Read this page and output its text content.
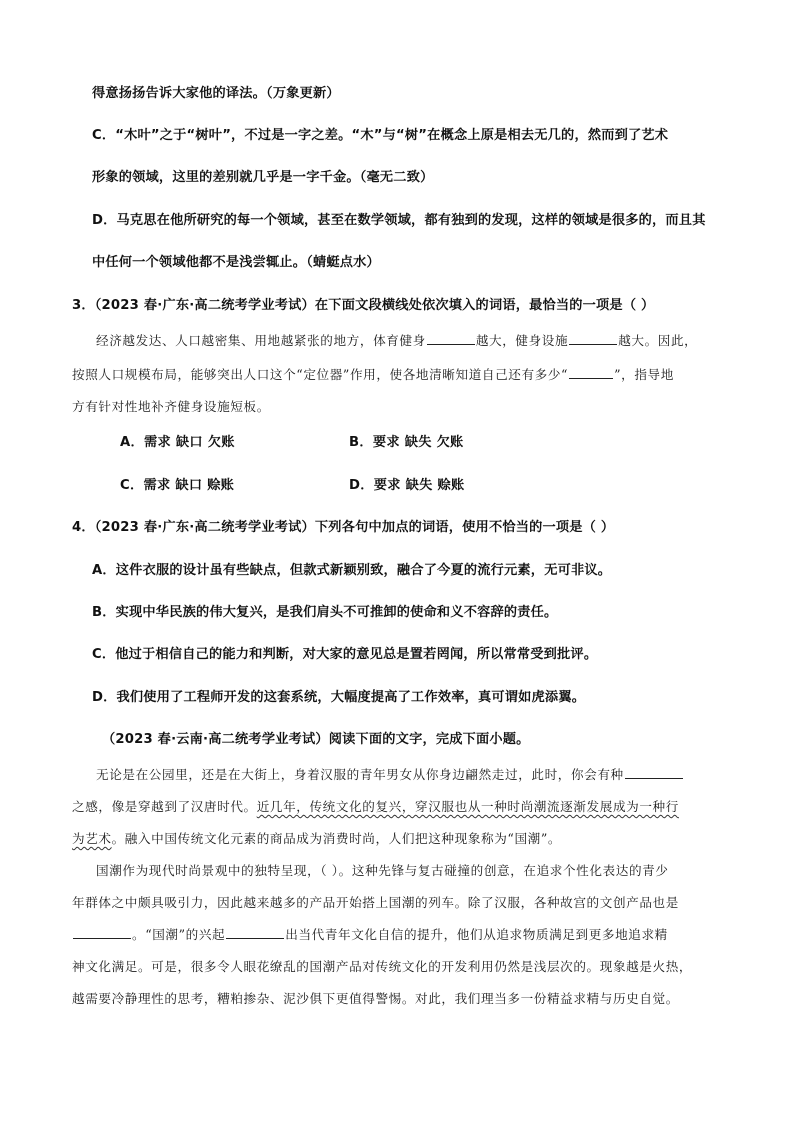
得意扬扬告诉大家他的译法。（万象更新）
C．“木叶”之于“树叶”，不过是一字之差。“木”与“树”在概念上原是相去无几的，然而到了艺术
形象的领域，这里的差别就几乎是一字千金。（毫无二致）
D．马克思在他所研究的每一个领域，甚至在数学领域，都有独到的发现，这样的领域是很多的，而且其
中任何一个领域他都不是浅尝辄止。（蜻蜓点水）
3．（2023 春·广东·高二统考学业考试）在下面文段横线处依次填入的词语，最恰当的一项是（ ）
经济越发达、人口越密集、用地越紧张的地方，体育健身	越大，健身设施	越大。因此，
按照人口规模布局，能够突出人口这个“定位器”作用，使各地清晰知道自己还有多少“	”，指导地
方有针对性地补齐健身设施短板。
A．需求 缺口 欠账	B．要求 缺失 欠账
C．需求 缺口 赊账	D．要求 缺失 赊账
4．（2023 春·广东·高二统考学业考试）下列各句中加点的词语，使用不恰当的一项是（ ）
A．这件衣服的设计虽有些缺点，但款式新颖别致，融合了今夏的流行元素，无可非议。
B．实现中华民族的伟大复兴，是我们肩头不可推卸的使命和义不容辞的责任。
C．他过于相信自己的能力和判断，对大家的意见总是置若罔闻，所以常常受到批评。
D．我们使用了工程师开发的这套系统，大幅度提高了工作效率，真可谓如虎添翼。
（2023 春·云南·高二统考学业考试）阅读下面的文字，完成下面小题。
无论是在公园里，还是在大街上，身着汉服的青年男女从你身边翩然走过，此时，你会有种
之感，像是穿越到了汉唐时代。近几年，传统文化的复兴，穿汉服也从一种时尚潮流逐渐发展成为一种行
为艺术。融入中国传统文化元素的商品成为消费时尚，人们把这种现象称为“国潮”。
国潮作为现代时尚景观中的独特呈现，（ ）。这种先锋与复古碰撞的创意，在追求个性化表达的青少
年群体之中颇具吸引力，因此越来越多的产品开始搭上国潮的列车。除了汉服，各种故宫的文创产品也是
。“国潮”的兴起	出当代青年文化自信的提升，他们从追求物质满足到更多地追求精
神文化满足。可是，很多令人眼花缭乱的国潮产品对传统文化的开发利用仍然是浅层次的。现象越是火热，
越需要冷静理性的思考，糟粕掺杂、泥沙俱下更值得警惕。对此，我们理当多一份精益求精与历史自觉。
